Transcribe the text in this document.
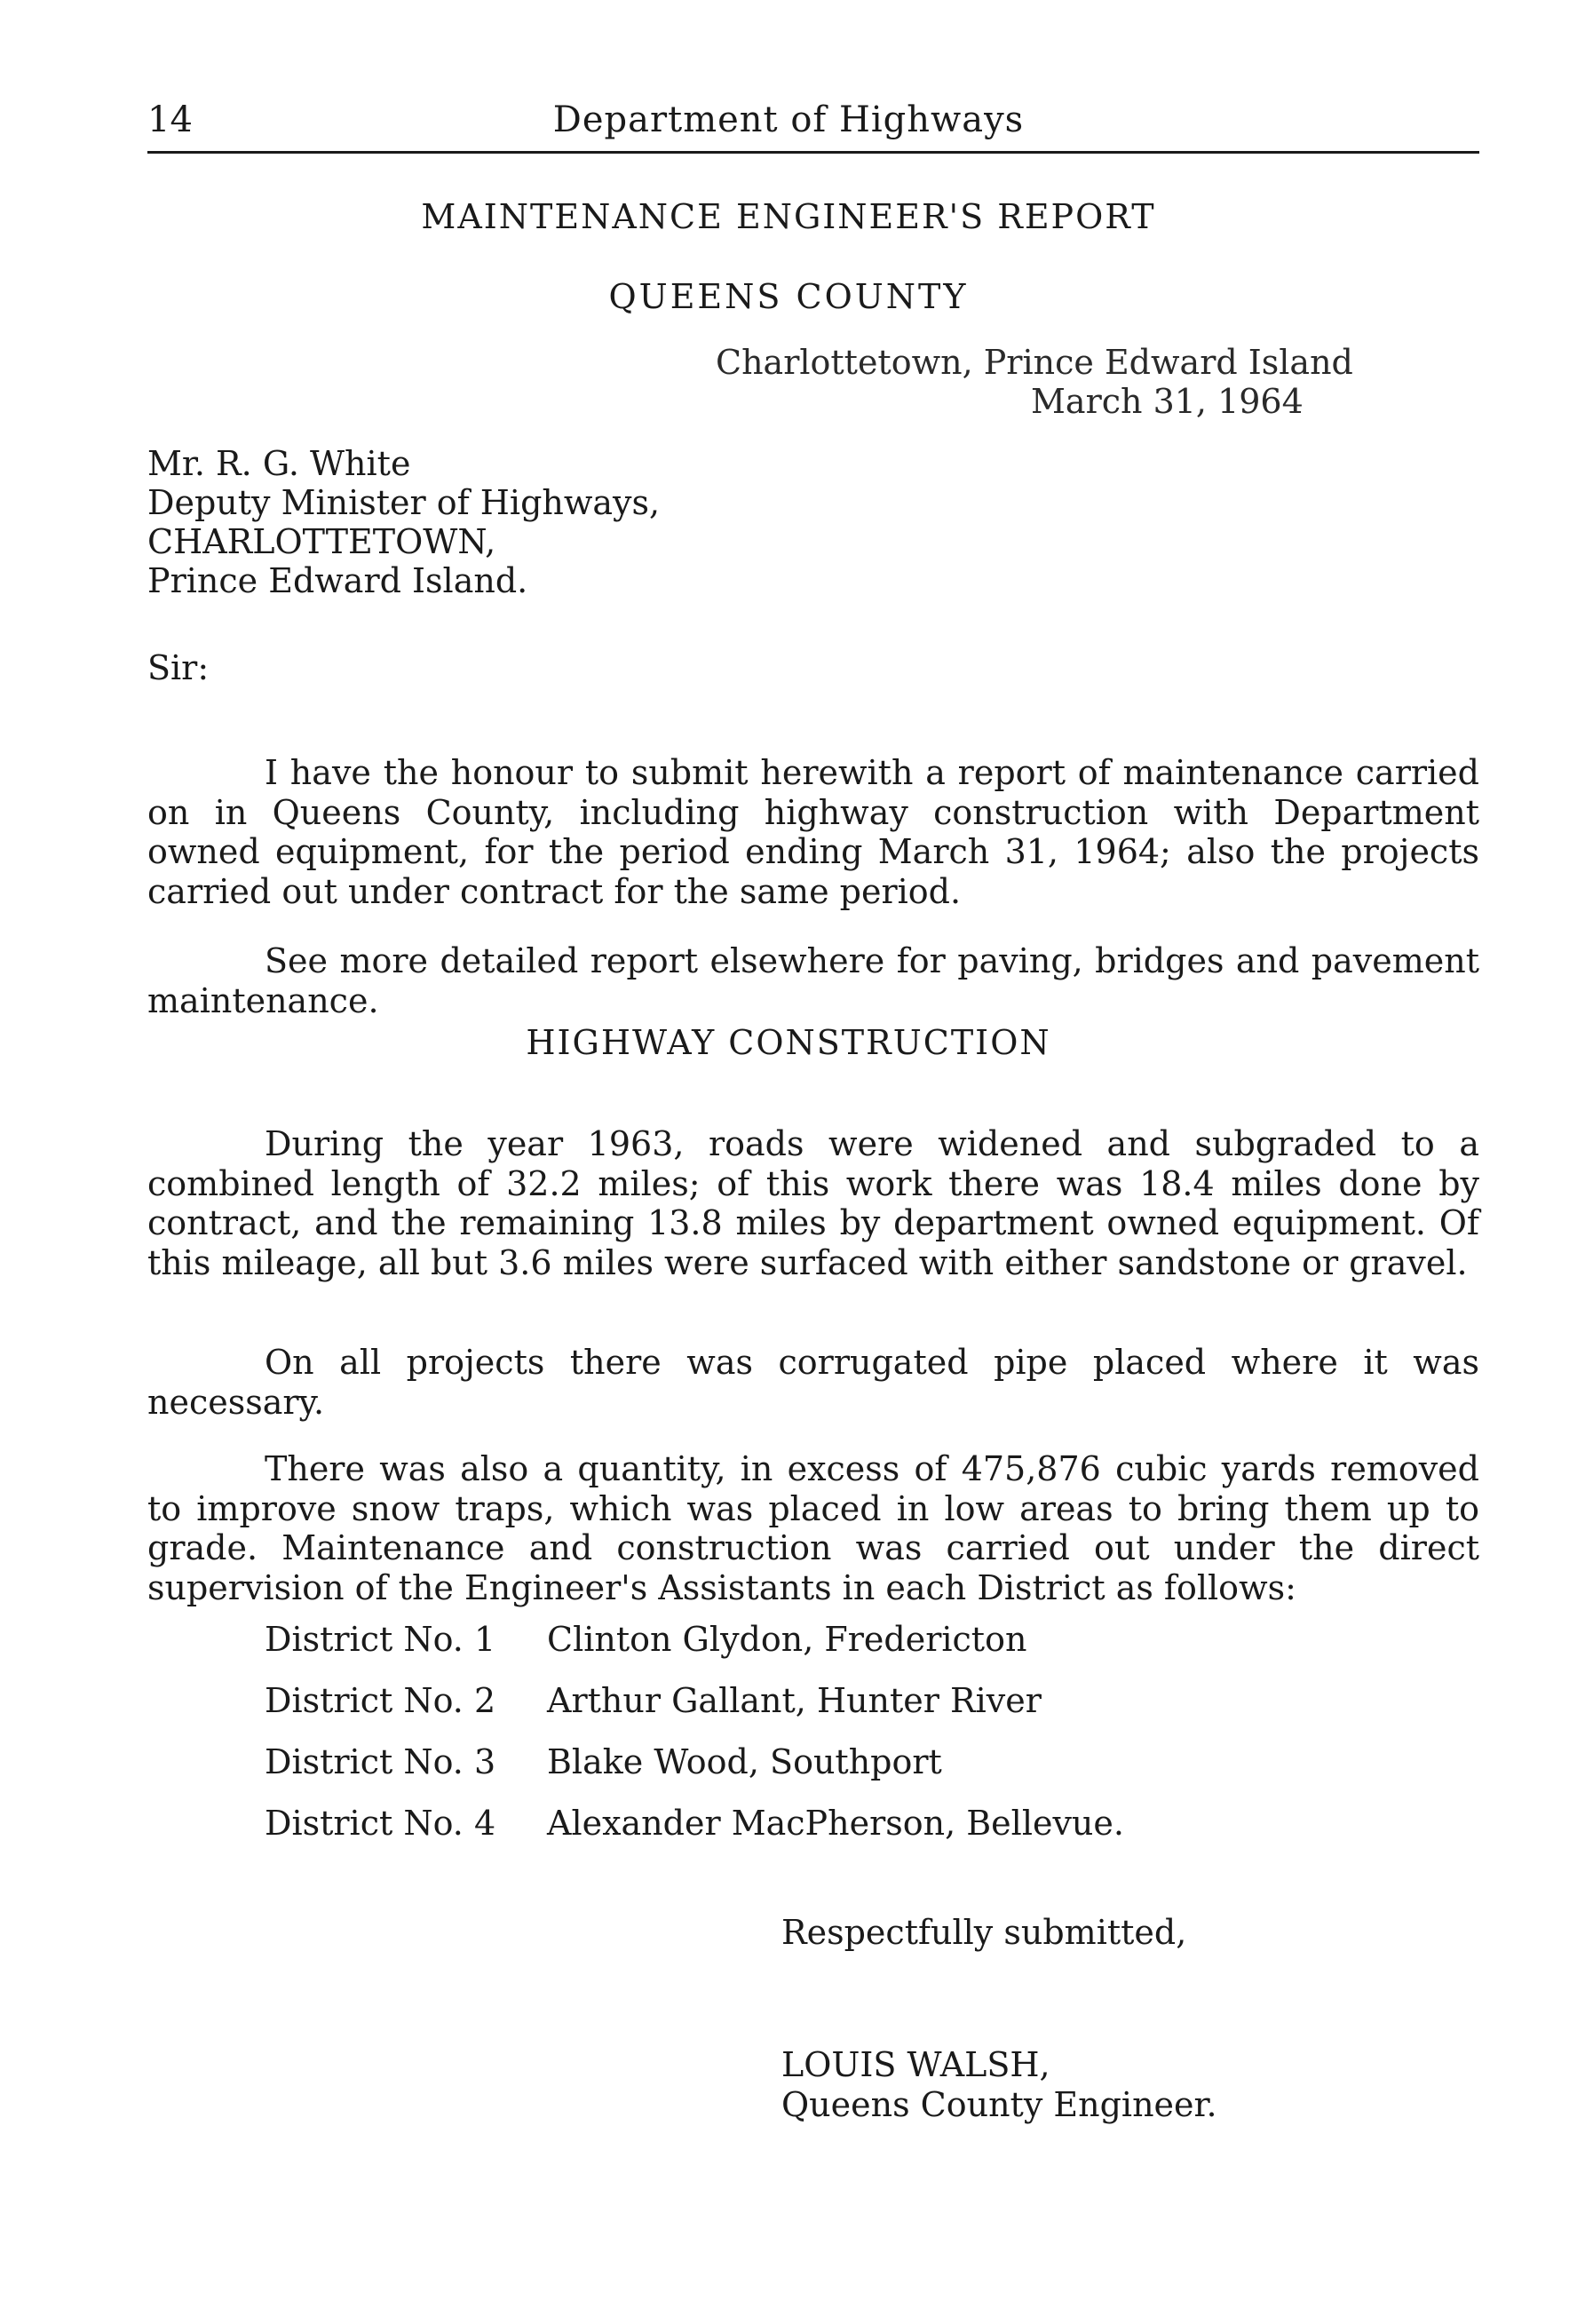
14	Department of Highways
MAINTENANCE ENGINEER'S REPORT
QUEENS COUNTY
Charlottetown, Prince Edward Island
March 31, 1964
Mr. R. G. White
Deputy Minister of Highways,
CHARLOTTETOWN,
Prince Edward Island.
Sir:

I have the honour to submit herewith a report of maintenance carried on in Queens County, including highway construction with Department owned equipment, for the period ending March 31, 1964; also the projects carried out under contract for the same period.

See more detailed report elsewhere for paving, bridges and pavement maintenance.

HIGHWAY CONSTRUCTION

During the year 1963, roads were widened and subgraded to a combined length of 32.2 miles; of this work there was 18.4 miles done by contract, and the remaining 13.8 miles by department owned equipment. Of this mileage, all but 3.6 miles were surfaced with either sandstone or gravel.

On all projects there was corrugated pipe placed where it was necessary.

There was also a quantity, in excess of 475,876 cubic yards removed to improve snow traps, which was placed in low areas to bring them up to grade. Maintenance and construction was carried out under the direct supervision of the Engineer's Assistants in each District as follows:

District No. 1	Clinton Glydon, Fredericton
District No. 2	Arthur Gallant, Hunter River
District No. 3	Blake Wood, Southport
District No. 4	Alexander MacPherson, Bellevue.
Respectfully submitted,
LOUIS WALSH,
Queens County Engineer.
